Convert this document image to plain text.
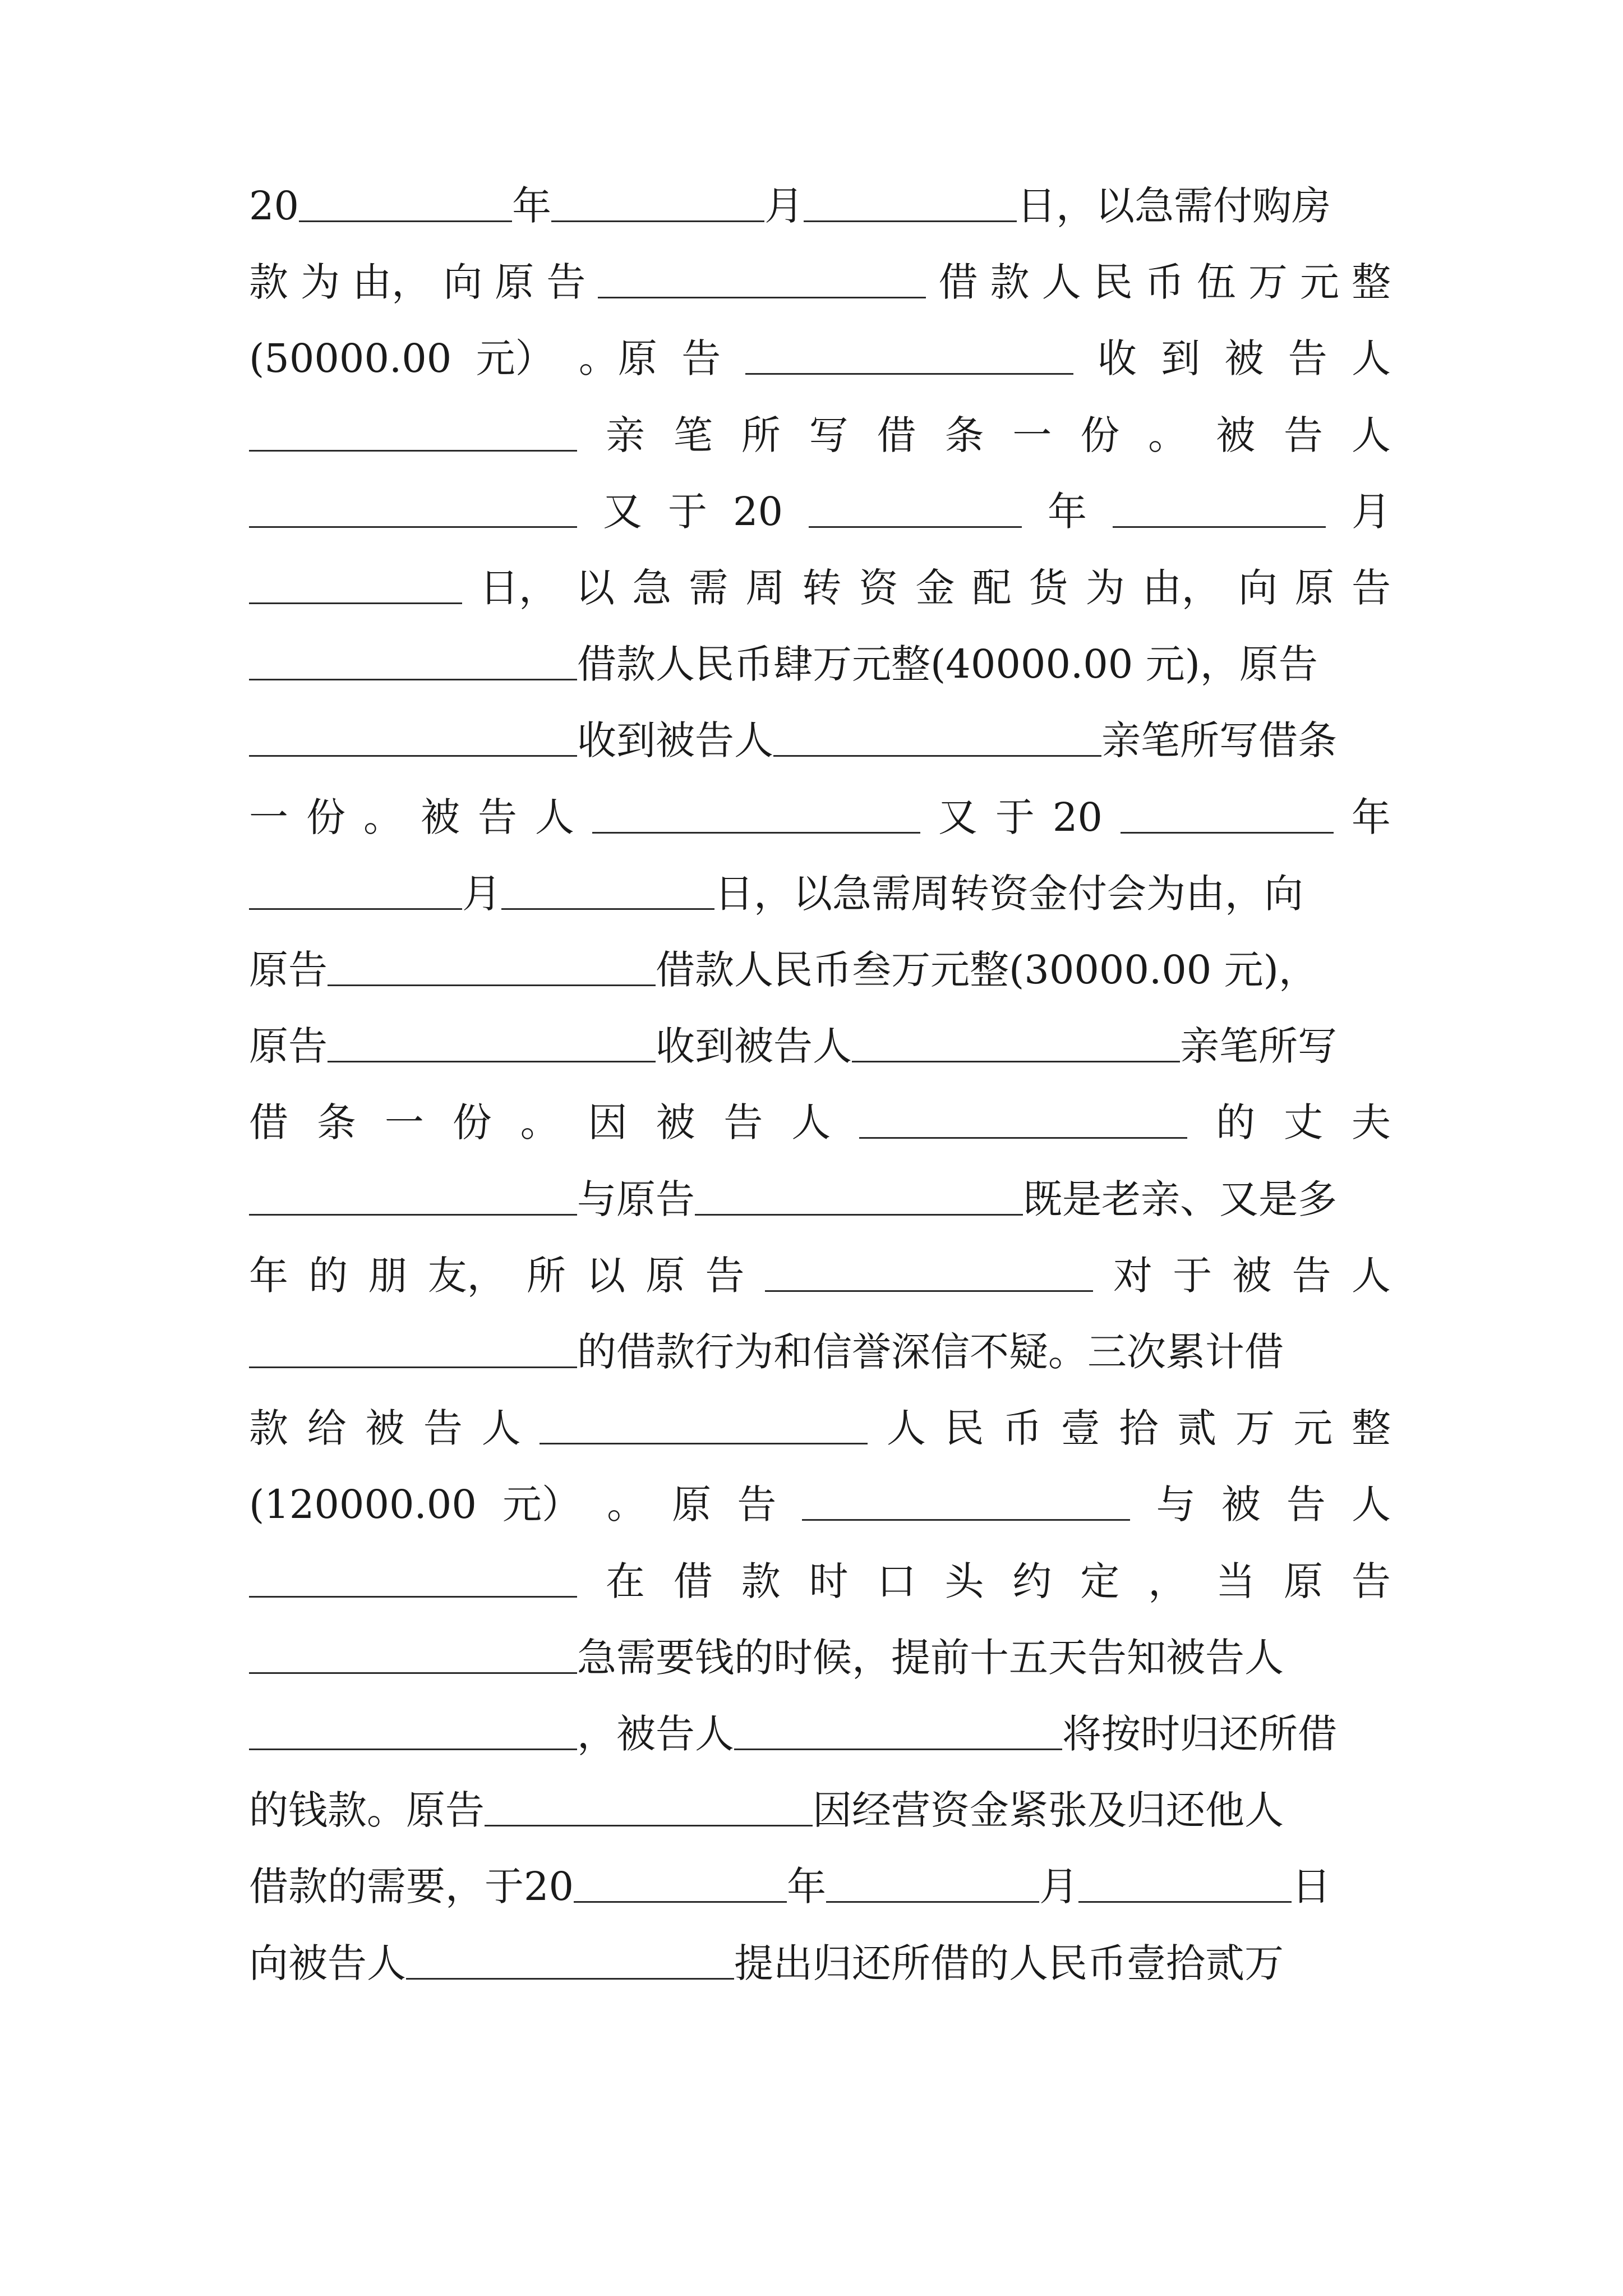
20	年	月	日，以急需付购房
款 为 由， 向 原 告	借 款 人 民 币 伍 万 元 整
(50000.00 元） 。原 告	收 到 被 告 人
亲 笔 所 写 借 条 一 份 。 被 告 人
又 于 20	年	月
日， 以 急 需 周 转 资 金 配 货 为 由， 向 原 告
借款人民币肆万元整(40000.00 元)，原告
收到被告人	亲笔所写借条
一 份 。 被 告 人	又 于 20	年
月	日，以急需周转资金付会为由，向
原告	借款人民币叁万元整(30000.00 元)，
原告	收到被告人	亲笔所写
借 条 一 份 。 因 被 告 人	的 丈 夫
与原告	既是老亲、又是多
年 的 朋 友， 所 以 原 告	对 于 被 告 人
的借款行为和信誉深信不疑。三次累计借
款 给 被 告 人	人 民 币 壹 拾 贰 万 元 整
(120000.00 元） 。 原 告	与 被 告 人
在 借 款 时 口 头 约 定 ， 当 原 告
急需要钱的时候，提前十五天告知被告人
，被告人	将按时归还所借
的钱款。原告	因经营资金紧张及归还他人
借款的需要，于20	年	月	日
向被告人	提出归还所借的人民币壹拾贰万
